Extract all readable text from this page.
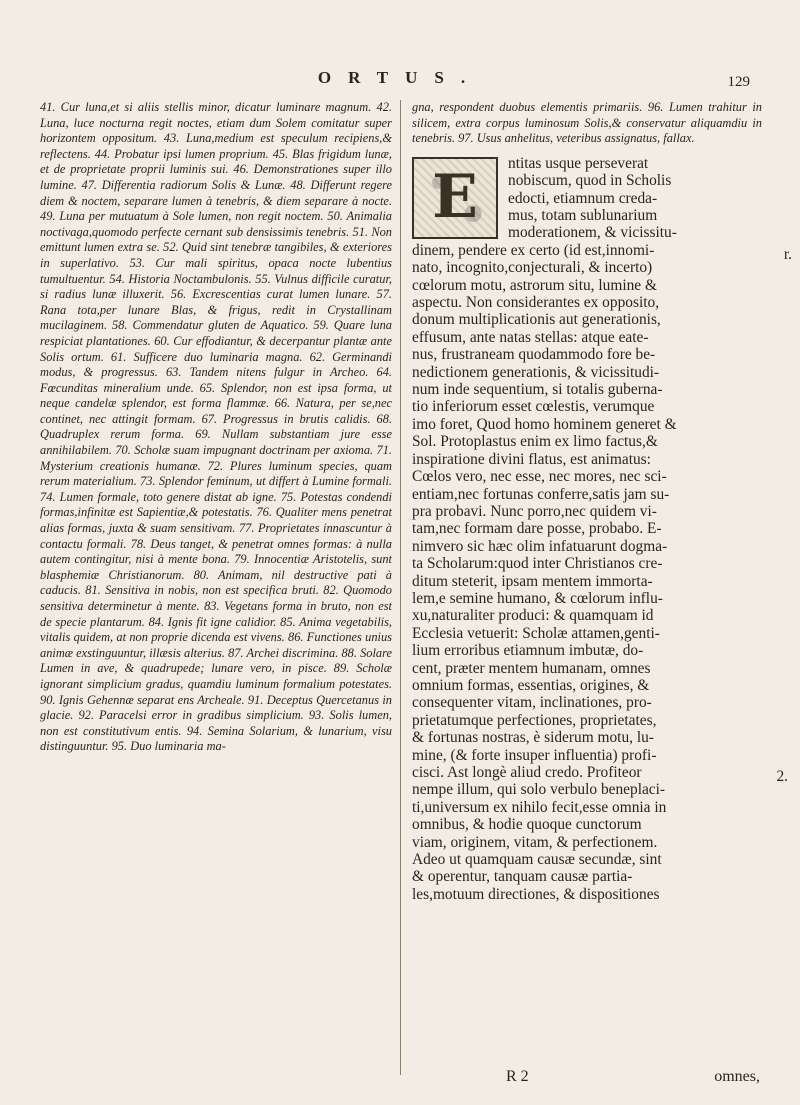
ORTUS.	129

41. Cur luna,et si aliis stellis minor, dicatur luminare magnum. 42. Luna, luce nocturna regit noctes, etiam dum Solem comitatur super horizontem oppositum. 43. Luna,medium est speculum recipiens,& reflectens. 44. Probatur ipsi lumen proprium. 45. Blas frigidum lunæ, et de proprietate proprii luminis sui. 46. Demonstrationes super illo lumine. 47. Differentia radiorum Solis & Lunæ. 48. Differunt regere diem & noctem, separare lumen à tenebris, & diem separare à nocte. 49. Luna per mutuatum à Sole lumen, non regit noctem. 50. Animalia noctivaga,quomodo perfecte cernant sub densissimis tenebris. 51. Non emittunt lumen extra se. 52. Quid sint tenebræ tangibiles, & exteriores in superlativo. 53. Cur mali spiritus, opaca nocte lubentius tumultuentur. 54. Historia Noctambulonis. 55. Vulnus difficile curatur, si radius lunæ illuxerit. 56. Excrescentias curat lumen lunare. 57. Rana tota,per lunare Blas, & frigus, redit in Crystallinam mucilaginem. 58. Commendatur gluten de Aquatico. 59. Quare luna respiciat plantationes. 60. Cur effodiantur, & decerpantur plantæ ante Solis ortum. 61. Sufficere duo luminaria magna. 62. Germinandi modus, & progressus. 63. Tandem nitens fulgur in Archeo. 64. Fœcunditas mineralium unde. 65. Splendor, non est ipsa forma, ut neque candelæ splendor, est forma flammæ. 66. Natura, per se,nec continet, nec attingit formam. 67. Progressus in brutis calidis. 68. Quadruplex rerum forma. 69. Nullam substantiam jure esse annihilabilem. 70. Scholæ suam impugnant doctrinam per axioma. 71. Mysterium creationis humanæ. 72. Plures luminum species, quam rerum materialium. 73. Splendor feminum, ut differt à Lumine formali. 74. Lumen formale, toto genere distat ab igne. 75. Potestas condendi formas,infinitæ est Sapientiæ,& potestatis. 76. Qualiter mens penetrat alias formas, juxta & suam sensitivam. 77. Proprietates innascuntur à contactu formali. 78. Deus tanget, & penetrat omnes formas: à nulla autem contingitur, nisi à mente bona. 79. Innocentiæ Aristotelis, sunt blasphemiæ Christianorum. 80. Animam, nil destructive pati à caducis. 81. Sensitiva in nobis, non est specifica bruti. 82. Quomodo sensitiva determinetur à mente. 83. Vegetans forma in bruto, non est de specie plantarum. 84. Ignis fit igne calidior. 85. Anima vegetabilis, vitalis quidem, at non proprie dicenda est vivens. 86. Functiones unius animæ exstinguuntur, illæsis alterius. 87. Archei discrimina. 88. Solare Lumen in ave, & quadrupede; lunare vero, in pisce. 89. Scholæ ignorant simplicium gradus, quamdiu luminum formalium potestates. 90. Ignis Gehennæ separat ens Archeale. 91. Deceptus Quercetanus in glacie. 92. Paracelsi error in gradibus simplicium. 93. Solis lumen, non est constitutivum entis. 94. Semina Solarium, & lunarium, visu distinguuntur. 95. Duo luminaria ma-

gna, respondent duobus elementis primariis. 96. Lumen trahitur in silicem, extra corpus luminosum Solis,& conservatur aliquamdiu in tenebris. 97. Usus anhelitus, veteribus assignatus, fallax.

E	ntitas usque perseverat
nobiscum, quod in Scholis
edocti, etiamnum creda-
mus, totam sublunarium
moderationem, & vicissitu-
dinem, pendere ex certo (id est,innomi-
nato, incognito,conjecturali, & incerto)
cœlorum motu, astrorum situ, lumine &
aspectu. Non considerantes ex opposito,
donum multiplicationis aut generationis,
effusum, ante natas stellas: atque eate-
nus, frustraneam quodammodo fore be-
nedictionem generationis, & vicissitudi-
num inde sequentium, si totalis guberna-
tio inferiorum esset cœlestis, verumque
imo foret, Quod homo hominem generet &
Sol. Protoplastus enim ex limo factus,&
inspiratione divini flatus, est animatus:
Cœlos vero, nec esse, nec mores, nec sci-
entiam,nec fortunas conferre,satis jam su-
pra probavi. Nunc porro,nec quidem vi-
tam,nec formam dare posse, probabo. E-
nimvero sic hæc olim infatuarunt dogma-
ta Scholarum:quod inter Christianos cre-
ditum steterit, ipsam mentem immorta-
lem,e semine humano, & cœlorum influ-
xu,naturaliter produci: & quamquam id
Ecclesia vetuerit: Scholæ attamen,genti-
lium erroribus etiamnum imbutæ, do-
cent, præter mentem humanam, omnes
omnium formas, essentias, origines, &
consequenter vitam, inclinationes, pro-
prietatumque perfectiones, proprietates,
& fortunas nostras, è siderum motu, lu-
mine, (& forte insuper influentia) profi-
cisci. Ast longè aliud credo. Profiteor
nempe illum, qui solo verbulo beneplaci-
ti,universum ex nihilo fecit,esse omnia in
omnibus, & hodie quoque cunctorum
viam, originem, vitam, & perfectionem.
Adeo ut quamquam causæ secundæ, sint
& operentur, tanquam causæ partia-
les,motuum directiones, & dispositiones
2.
r.
R 2	omnes,
